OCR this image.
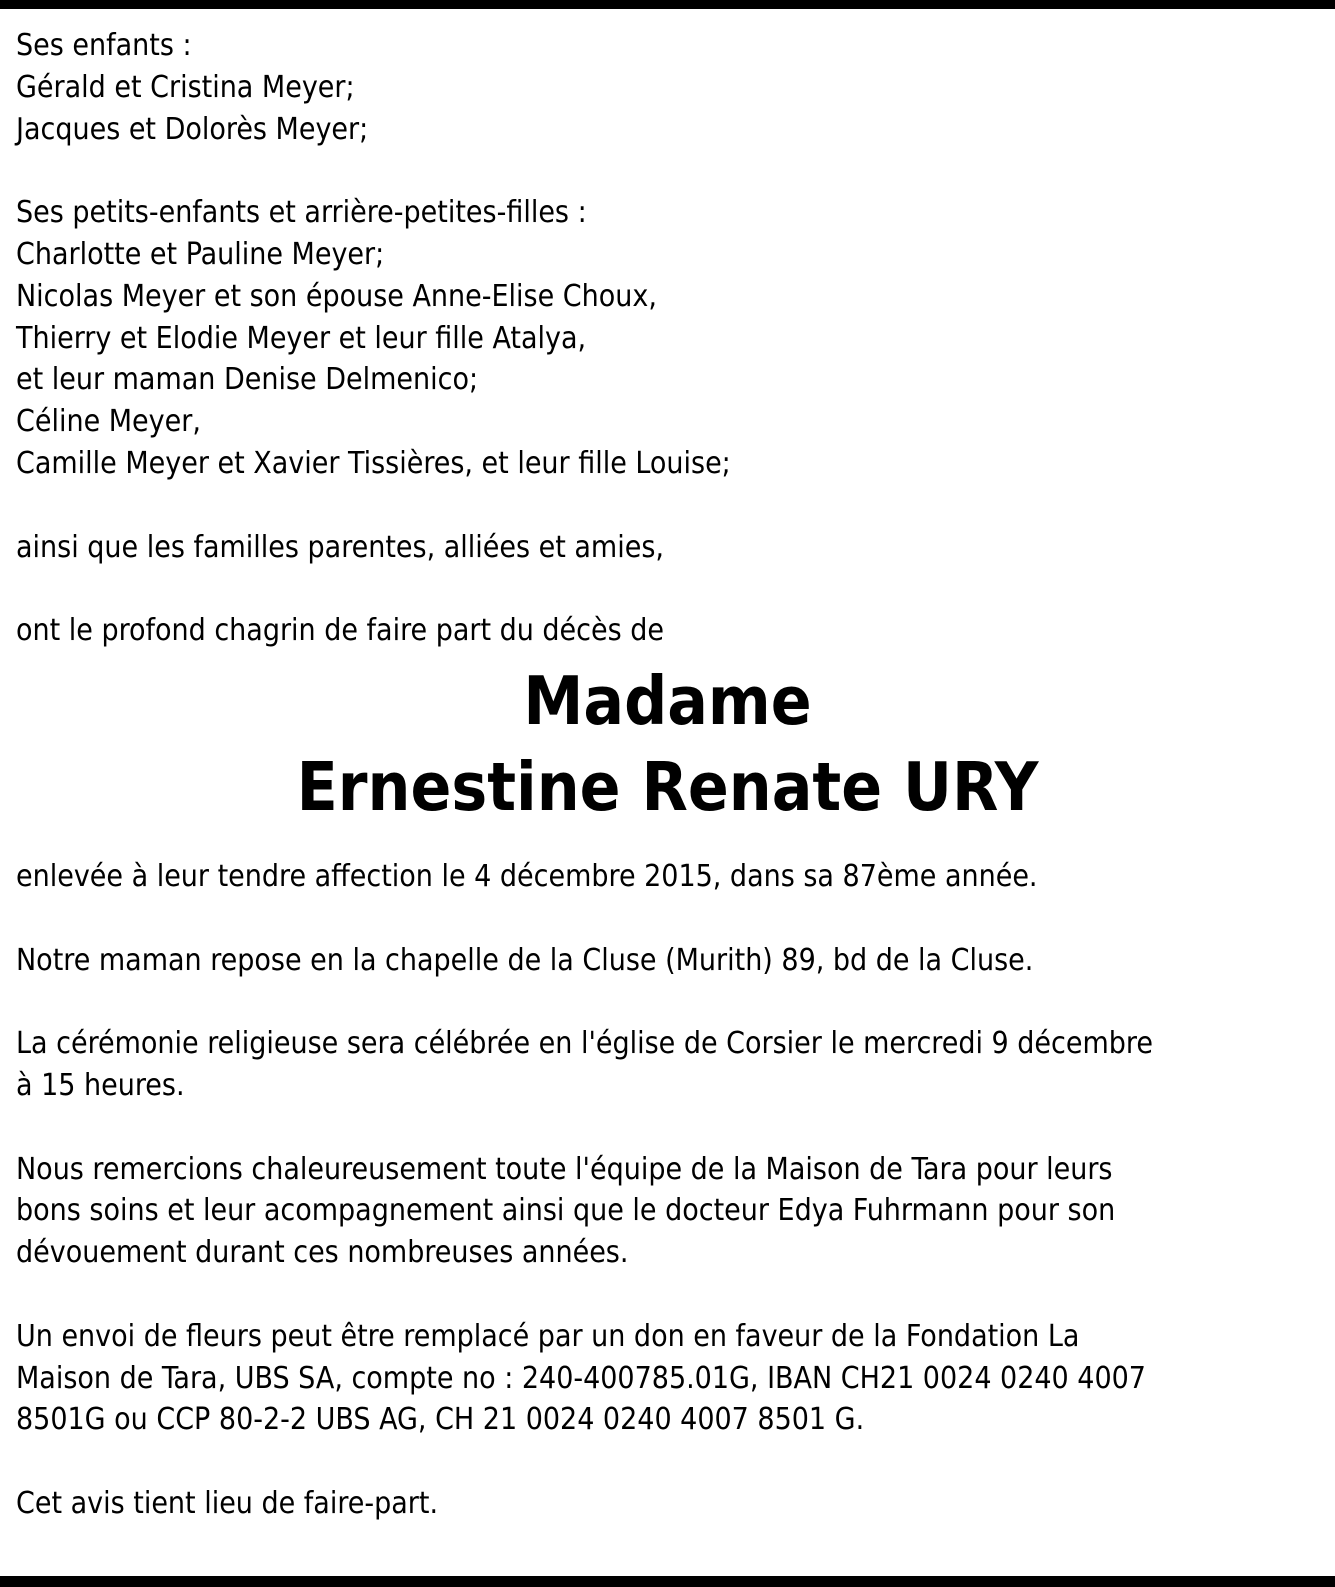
Ses enfants :
Gérald et Cristina Meyer;
Jacques et Dolorès Meyer;
Ses petits-enfants et arrière-petites-filles :
Charlotte et Pauline Meyer;
Nicolas Meyer et son épouse Anne-Elise Choux,
Thierry et Elodie Meyer et leur fille Atalya,
et leur maman Denise Delmenico;
Céline Meyer,
Camille Meyer et Xavier Tissières, et leur fille Louise;
ainsi que les familles parentes, alliées et amies,
ont le profond chagrin de faire part du décès de
Madame
Ernestine Renate URY
enlevée à leur tendre affection le 4 décembre 2015, dans sa 87ème année.
Notre maman repose en la chapelle de la Cluse (Murith) 89, bd de la Cluse.
La cérémonie religieuse sera célébrée en l'église de Corsier le mercredi 9 décembre
à 15 heures.
Nous remercions chaleureusement toute l'équipe de la Maison de Tara pour leurs
bons soins et leur acompagnement ainsi que le docteur Edya Fuhrmann pour son
dévouement durant ces nombreuses années.
Un envoi de fleurs peut être remplacé par un don en faveur de la Fondation La
Maison de Tara, UBS SA, compte no : 240-400785.01G, IBAN CH21 0024 0240 4007
8501G ou CCP 80-2-2 UBS AG, CH 21 0024 0240 4007 8501 G.
Cet avis tient lieu de faire-part.
